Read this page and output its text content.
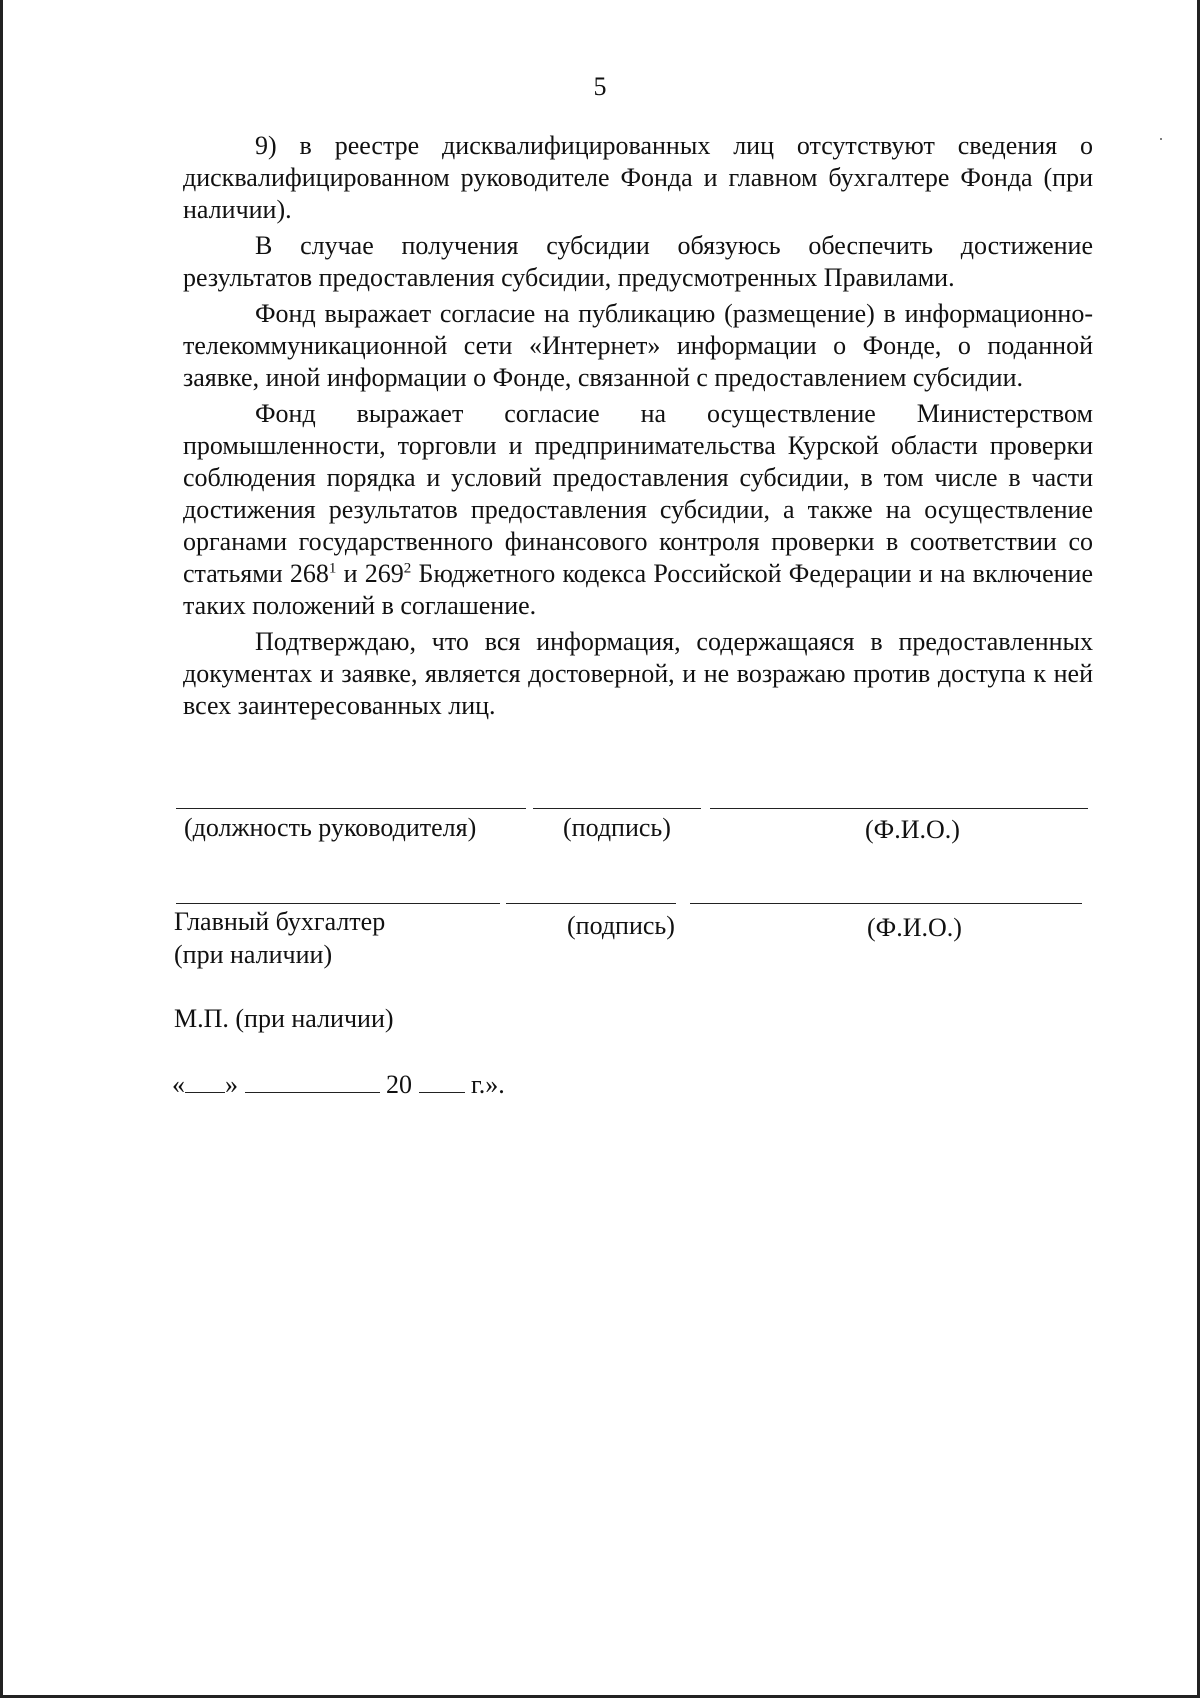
5

9) в реестре дисквалифицированных лиц отсутствуют сведения о дисквалифицированном руководителе Фонда и главном бухгалтере Фонда (при наличии).

В случае получения субсидии обязуюсь обеспечить достижение результатов предоставления субсидии, предусмотренных Правилами.

Фонд выражает согласие на публикацию (размещение) в информационно-телекоммуникационной сети «Интернет» информации о Фонде, о поданной заявке, иной информации о Фонде, связанной с предоставлением субсидии.

Фонд выражает согласие на осуществление Министерством промышленности, торговли и предпринимательства Курской области проверки соблюдения порядка и условий предоставления субсидии, в том числе в части достижения результатов предоставления субсидии, а также на осуществление органами государственного финансового контроля проверки в соответствии со статьями $268^1$ и $269^2$ Бюджетного кодекса Российской Федерации и на включение таких положений в соглашение.

Подтверждаю, что вся информация, содержащаяся в предоставленных документах и заявке, является достоверной, и не возражаю против доступа к ней всех заинтересованных лиц.

(должность руководителя)	(подпись)	(Ф.И.О.)
Главный бухгалтер
(при наличии)
(подпись)	(Ф.И.О.)
М.П. (при наличии)
« »	20 г.».
